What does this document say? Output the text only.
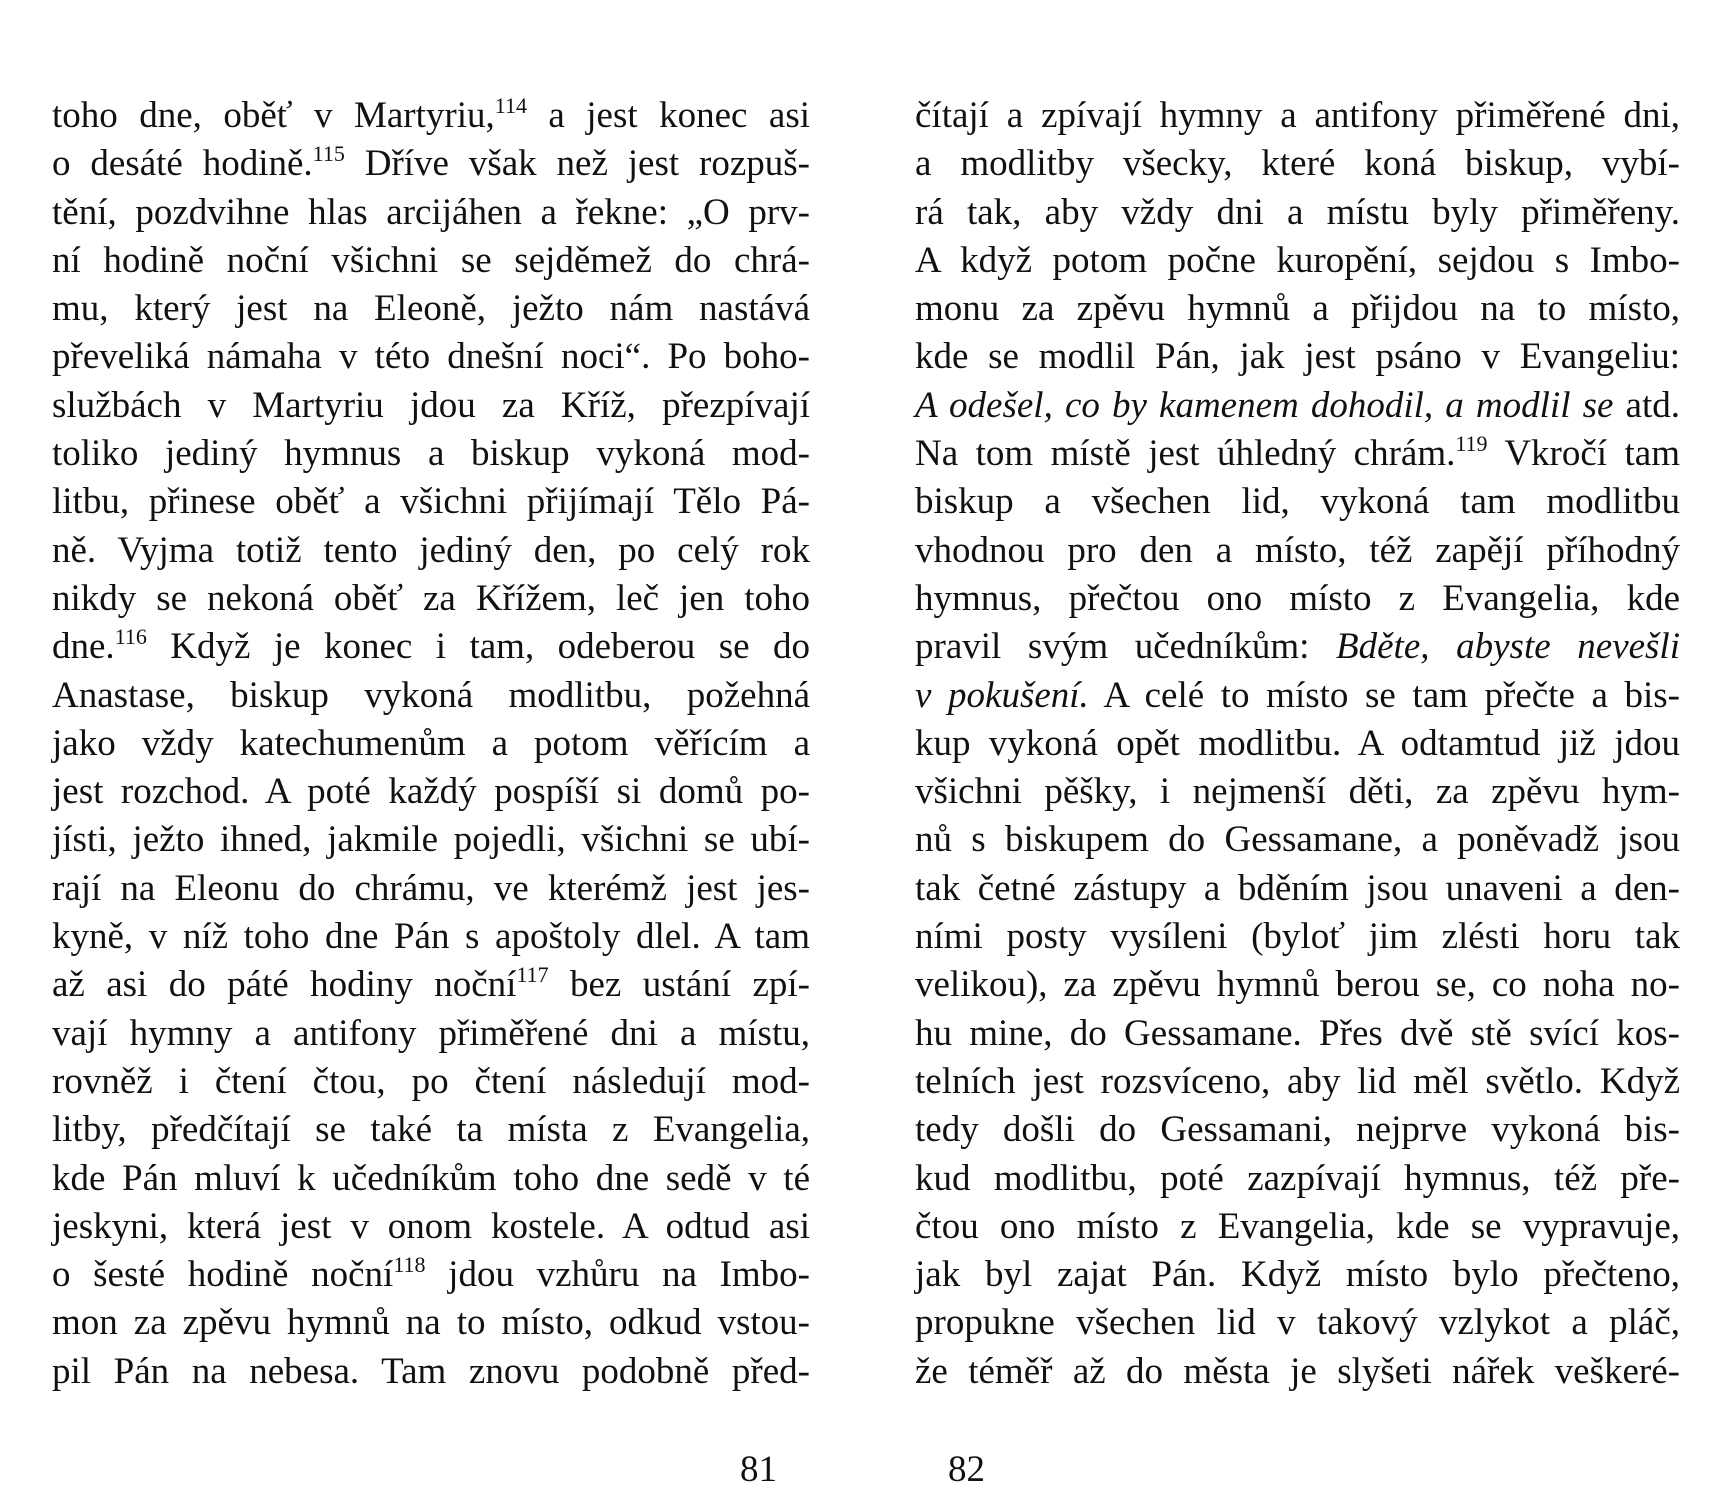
toho dne, oběť v Martyriu,$^{114}$ a jest konec asi
o desáté hodině.$^{115}$ Dříve však než jest rozpuš-
tění, pozdvihne hlas arcijáhen a řekne: „O prv-
ní hodině noční všichni se sejděmež do chrá-
mu, který jest na Eleoně, ježto nám nastává
převeliká námaha v této dnešní noci“. Po boho-
službách v Martyriu jdou za Kříž, přezpívají
toliko jediný hymnus a biskup vykoná mod-
litbu, přinese oběť a všichni přijímají Tělo Pá-
ně. Vyjma totiž tento jediný den, po celý rok
nikdy se nekoná oběť za Křížem, leč jen toho
dne.$^{116}$ Když je konec i tam, odeberou se do
Anastase, biskup vykoná modlitbu, požehná
jako vždy katechumenům a potom věřícím a
jest rozchod. A poté každý pospíší si domů po-
jísti, ježto ihned, jakmile pojedli, všichni se ubí-
rají na Eleonu do chrámu, ve kterémž jest jes-
kyně, v níž toho dne Pán s apoštoly dlel. A tam
až asi do páté hodiny noční$^{117}$ bez ustání zpí-
vají hymny a antifony přiměřené dni a místu,
rovněž i čtení čtou, po čtení následují mod-
litby, předčítají se také ta místa z Evangelia,
kde Pán mluví k učedníkům toho dne sedě v té
jeskyni, která jest v onom kostele. A odtud asi
o šesté hodině noční$^{118}$ jdou vzhůru na Imbo-
mon za zpěvu hymnů na to místo, odkud vstou-
pil Pán na nebesa. Tam znovu podobně před-
čítají a zpívají hymny a antifony přiměřené dni,
a modlitby všecky, které koná biskup, vybí-
rá tak, aby vždy dni a místu byly přiměřeny.
A když potom počne kuropění, sejdou s Imbo-
monu za zpěvu hymnů a přijdou na to místo,
kde se modlil Pán, jak jest psáno v Evangeliu:
A odešel, co by kamenem dohodil, a modlil se atd.
Na tom místě jest úhledný chrám.$^{119}$ Vkročí tam
biskup a všechen lid, vykoná tam modlitbu
vhodnou pro den a místo, též zapějí příhodný
hymnus, přečtou ono místo z Evangelia, kde
pravil svým učedníkům: Bděte, abyste nevešli
v pokušení. A celé to místo se tam přečte a bis-
kup vykoná opět modlitbu. A odtamtud již jdou
všichni pěšky, i nejmenší děti, za zpěvu hym-
nů s biskupem do Gessamane, a poněvadž jsou
tak četné zástupy a bděním jsou unaveni a den-
ními posty vysíleni (byloť jim zlésti horu tak
velikou), za zpěvu hymnů berou se, co noha no-
hu mine, do Gessamane. Přes dvě stě svící kos-
telních jest rozsvíceno, aby lid měl světlo. Když
tedy došli do Gessamani, nejprve vykoná bis-
kud modlitbu, poté zazpívají hymnus, též pře-
čtou ono místo z Evangelia, kde se vypravuje,
jak byl zajat Pán. Když místo bylo přečteno,
propukne všechen lid v takový vzlykot a pláč,
že téměř až do města je slyšeti nářek veškeré-
81	82
